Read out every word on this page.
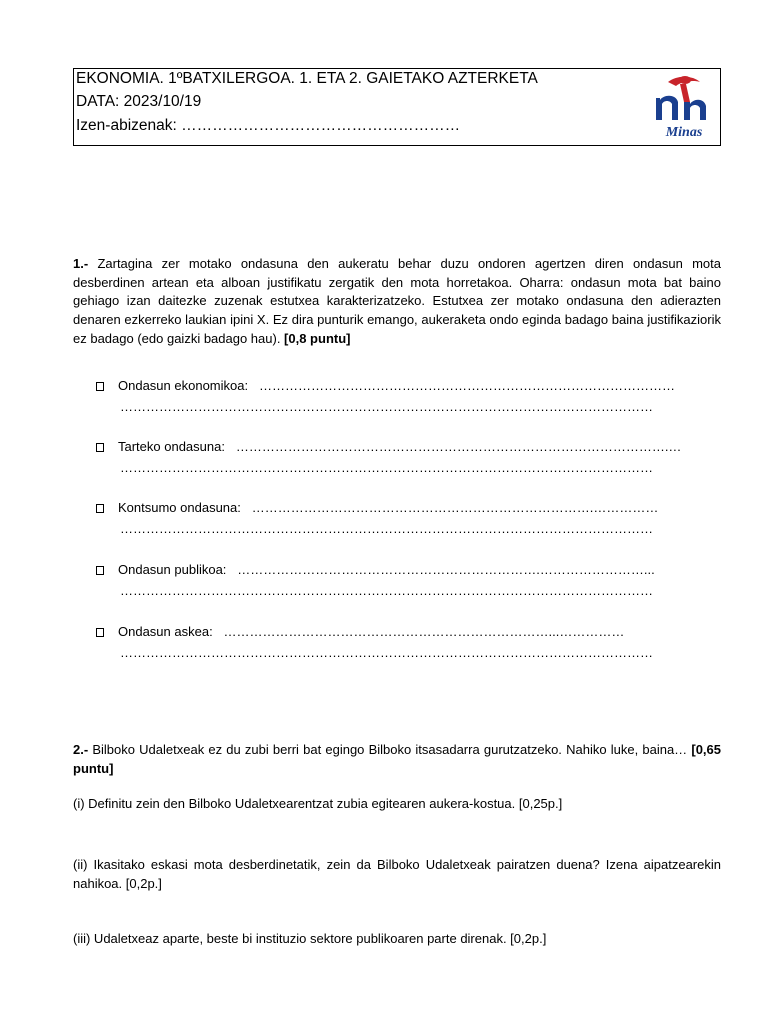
EKONOMIA. 1ºBATXILERGOA. 1. ETA 2. GAIETAKO AZTERKETA
DATA: 2023/10/19
Izen-abizenak: ………………………………………………	Minas

1.- Zartagina zer motako ondasuna den aukeratu behar duzu ondoren agertzen diren ondasun mota desberdinen artean eta alboan justifikatu zergatik den mota horretakoa. Oharra: ondasun mota bat baino gehiago izan daitezke zuzenak estutxea karakterizatzeko. Estutxea zer motako ondasuna den adierazten denaren ezkerreko laukian ipini X. Ez dira punturik emango, aukeraketa ondo eginda badago baina justifikaziorik ez badago (edo gaizki badago hau). [0,8 puntu]

Ondasun ekonomikoa: ……………………………………………………………………………………
……………………………………………………………………………………………………………
Tarteko ondasuna: ……………………………………………………………………………………….…
……………………………………………………………………………………………………………
Kontsumo ondasuna: …………………………………………………………………….……………
……………………………………………………………………………………………………………
Ondasun publikoa: …………………………………………………………….……………………...
……………………………………………………………………………………………………………
Ondasun askea: …………………………………………………………………...……………
……………………………………………………………………………………………………………

2.- Bilboko Udaletxeak ez du zubi berri bat egingo Bilboko itsasadarra gurutzatzeko. Nahiko luke, baina… [0,65 puntu]

(i) Definitu zein den Bilboko Udaletxearentzat zubia egitearen aukera-kostua. [0,25p.]

(ii) Ikasitako eskasi mota desberdinetatik, zein da Bilboko Udaletxeak pairatzen duena? Izena aipatzearekin nahikoa. [0,2p.]

(iii) Udaletxeaz aparte, beste bi instituzio sektore publikoaren parte direnak. [0,2p.]
